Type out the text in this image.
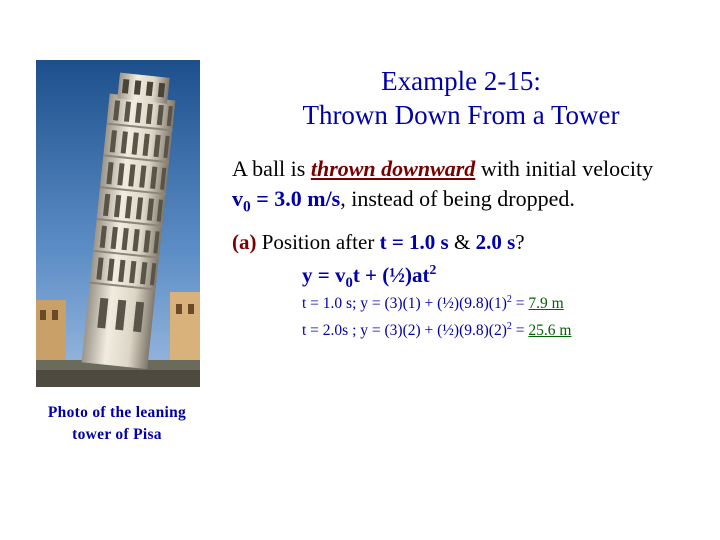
Photo of the leaning
tower of Pisa
Example 2-15:
Thrown Down From a Tower
A ball is thrown downward with initial velocity
$v_0 = 3.0$ m/s, instead of being dropped.
(a) Position after t = 1.0 s & 2.0 s?
$y = v_0t$ + $(\frac{1}{2})at^2$
t = 1.0 s; $y = (3)(1) + (\frac{1}{2})(9.8)(1)^2 = 7.9$ m
t = 2.0s ; $y = (3)(2) + (\frac{1}{2})(9.8)(2)^2 = 25.6$ m
